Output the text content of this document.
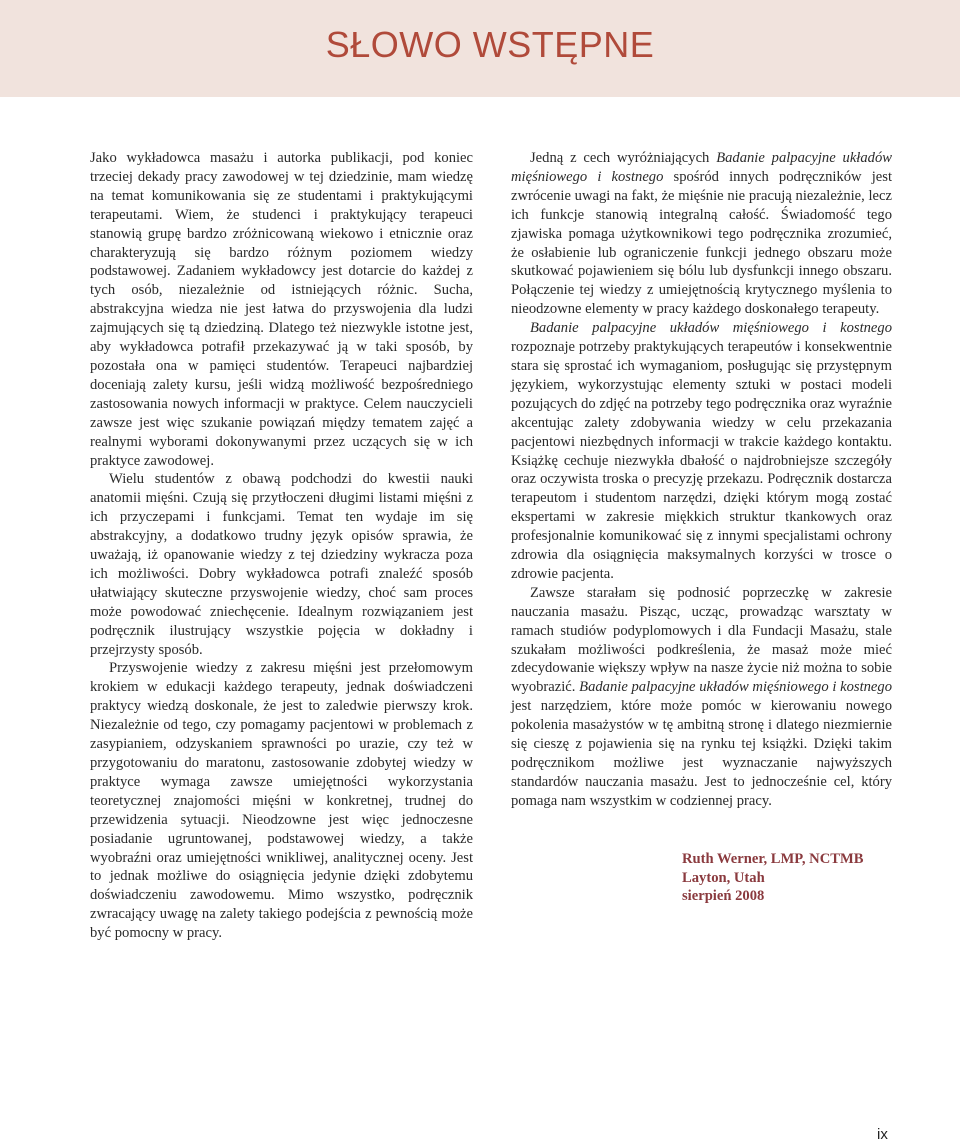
SŁOWO WSTĘPNE

Jako wykładowca masażu i autorka publikacji, pod koniec trzeciej dekady pracy zawodowej w tej dziedzinie, mam wiedzę na temat komunikowania się ze studentami i praktykującymi terapeutami. Wiem, że studenci i praktykujący terapeuci stanowią grupę bardzo zróżnicowaną wiekowo i etnicznie oraz charakteryzują się bardzo różnym poziomem wiedzy podstawowej. Zadaniem wykładowcy jest dotarcie do każdej z tych osób, niezależnie od istniejących różnic. Sucha, abstrakcyjna wiedza nie jest łatwa do przyswojenia dla ludzi zajmujących się tą dziedziną. Dlatego też niezwykle istotne jest, aby wykładowca potrafił przekazywać ją w taki sposób, by pozostała ona w pamięci studentów. Terapeuci najbardziej doceniają zalety kursu, jeśli widzą możliwość bezpośredniego zastosowania nowych informacji w praktyce. Celem nauczycieli zawsze jest więc szukanie powiązań między tematem zajęć a realnymi wyborami dokonywanymi przez uczących się w ich praktyce zawodowej.

Wielu studentów z obawą podchodzi do kwestii nauki anatomii mięśni. Czują się przytłoczeni długimi listami mięśni z ich przyczepami i funkcjami. Temat ten wydaje im się abstrakcyjny, a dodatkowo trudny język opisów sprawia, że uważają, iż opanowanie wiedzy z tej dziedziny wykracza poza ich możliwości. Dobry wykładowca potrafi znaleźć sposób ułatwiający skuteczne przyswojenie wiedzy, choć sam proces może powodować zniechęcenie. Idealnym rozwiązaniem jest podręcznik ilustrujący wszystkie pojęcia w dokładny i przejrzysty sposób.

Przyswojenie wiedzy z zakresu mięśni jest przełomowym krokiem w edukacji każdego terapeuty, jednak doświadczeni praktycy wiedzą doskonale, że jest to zaledwie pierwszy krok. Niezależnie od tego, czy pomagamy pacjentowi w problemach z zasypianiem, odzyskaniem sprawności po urazie, czy też w przygotowaniu do maratonu, zastosowanie zdobytej wiedzy w praktyce wymaga zawsze umiejętności wykorzystania teoretycznej znajomości mięśni w konkretnej, trudnej do przewidzenia sytuacji. Nieodzowne jest więc jednoczesne posiadanie ugruntowanej, podstawowej wiedzy, a także wyobraźni oraz umiejętności wnikliwej, analitycznej oceny. Jest to jednak możliwe do osiągnięcia jedynie dzięki zdobytemu doświadczeniu zawodowemu. Mimo wszystko, podręcznik zwracający uwagę na zalety takiego podejścia z pewnością może być pomocny w pracy.

Jedną z cech wyróżniających Badanie palpacyjne układów mięśniowego i kostnego spośród innych podręczników jest zwrócenie uwagi na fakt, że mięśnie nie pracują niezależnie, lecz ich funkcje stanowią integralną całość. Świadomość tego zjawiska pomaga użytkownikowi tego podręcznika zrozumieć, że osłabienie lub ograniczenie funkcji jednego obszaru może skutkować pojawieniem się bólu lub dysfunkcji innego obszaru. Połączenie tej wiedzy z umiejętnością krytycznego myślenia to nieodzowne elementy w pracy każdego doskonałego terapeuty.

Badanie palpacyjne układów mięśniowego i kostnego rozpoznaje potrzeby praktykujących terapeutów i konsekwentnie stara się sprostać ich wymaganiom, posługując się przystępnym językiem, wykorzystując elementy sztuki w postaci modeli pozujących do zdjęć na potrzeby tego podręcznika oraz wyraźnie akcentując zalety zdobywania wiedzy w celu przekazania pacjentowi niezbędnych informacji w trakcie każdego kontaktu. Książkę cechuje niezwykła dbałość o najdrobniejsze szczegóły oraz oczywista troska o precyzję przekazu. Podręcznik dostarcza terapeutom i studentom narzędzi, dzięki którym mogą zostać ekspertami w zakresie miękkich struktur tkankowych oraz profesjonalnie komunikować się z innymi specjalistami ochrony zdrowia dla osiągnięcia maksymalnych korzyści w trosce o zdrowie pacjenta.

Zawsze starałam się podnosić poprzeczkę w zakresie nauczania masażu. Pisząc, ucząc, prowadząc warsztaty w ramach studiów podyplomowych i dla Fundacji Masażu, stale szukałam możliwości podkreślenia, że masaż może mieć zdecydowanie większy wpływ na nasze życie niż można to sobie wyobrazić. Badanie palpacyjne układów mięśniowego i kostnego jest narzędziem, które może pomóc w kierowaniu nowego pokolenia masażystów w tę ambitną stronę i dlatego niezmiernie się cieszę z pojawienia się na rynku tej książki. Dzięki takim podręcznikom możliwe jest wyznaczanie najwyższych standardów nauczania masażu. Jest to jednocześnie cel, który pomaga nam wszystkim w codziennej pracy.

Ruth Werner, LMP, NCTMB
Layton, Utah
sierpień 2008
ix
